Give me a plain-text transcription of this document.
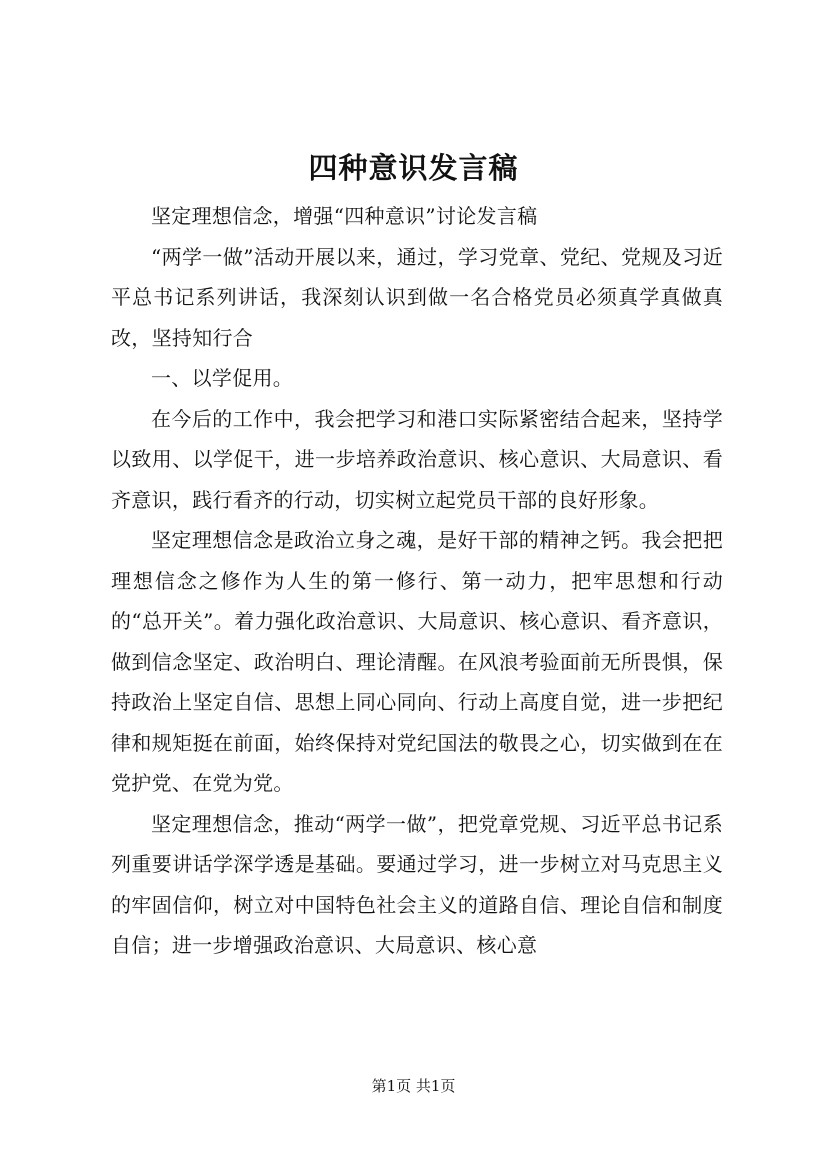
四种意识发言稿

坚定理想信念，增强“四种意识”讨论发言稿

“两学一做”活动开展以来，通过，学习党章、党纪、党规及习近平总书记系列讲话，我深刻认识到做一名合格党员必须真学真做真改，坚持知行合

一、以学促用。

在今后的工作中，我会把学习和港口实际紧密结合起来，坚持学以致用、以学促干，进一步培养政治意识、核心意识、大局意识、看齐意识，践行看齐的行动，切实树立起党员干部的良好形象。

坚定理想信念是政治立身之魂，是好干部的精神之钙。我会把把理想信念之修作为人生的第一修行、第一动力，把牢思想和行动的“总开关”。着力强化政治意识、大局意识、核心意识、看齐意识，做到信念坚定、政治明白、理论清醒。在风浪考验面前无所畏惧，保持政治上坚定自信、思想上同心同向、行动上高度自觉，进一步把纪律和规矩挺在前面，始终保持对党纪国法的敬畏之心，切实做到在在党护党、在党为党。

坚定理想信念，推动“两学一做”，把党章党规、习近平总书记系列重要讲话学深学透是基础。要通过学习，进一步树立对马克思主义的牢固信仰，树立对中国特色社会主义的道路自信、理论自信和制度自信；进一步增强政治意识、大局意识、核心意

第1页 共1页
